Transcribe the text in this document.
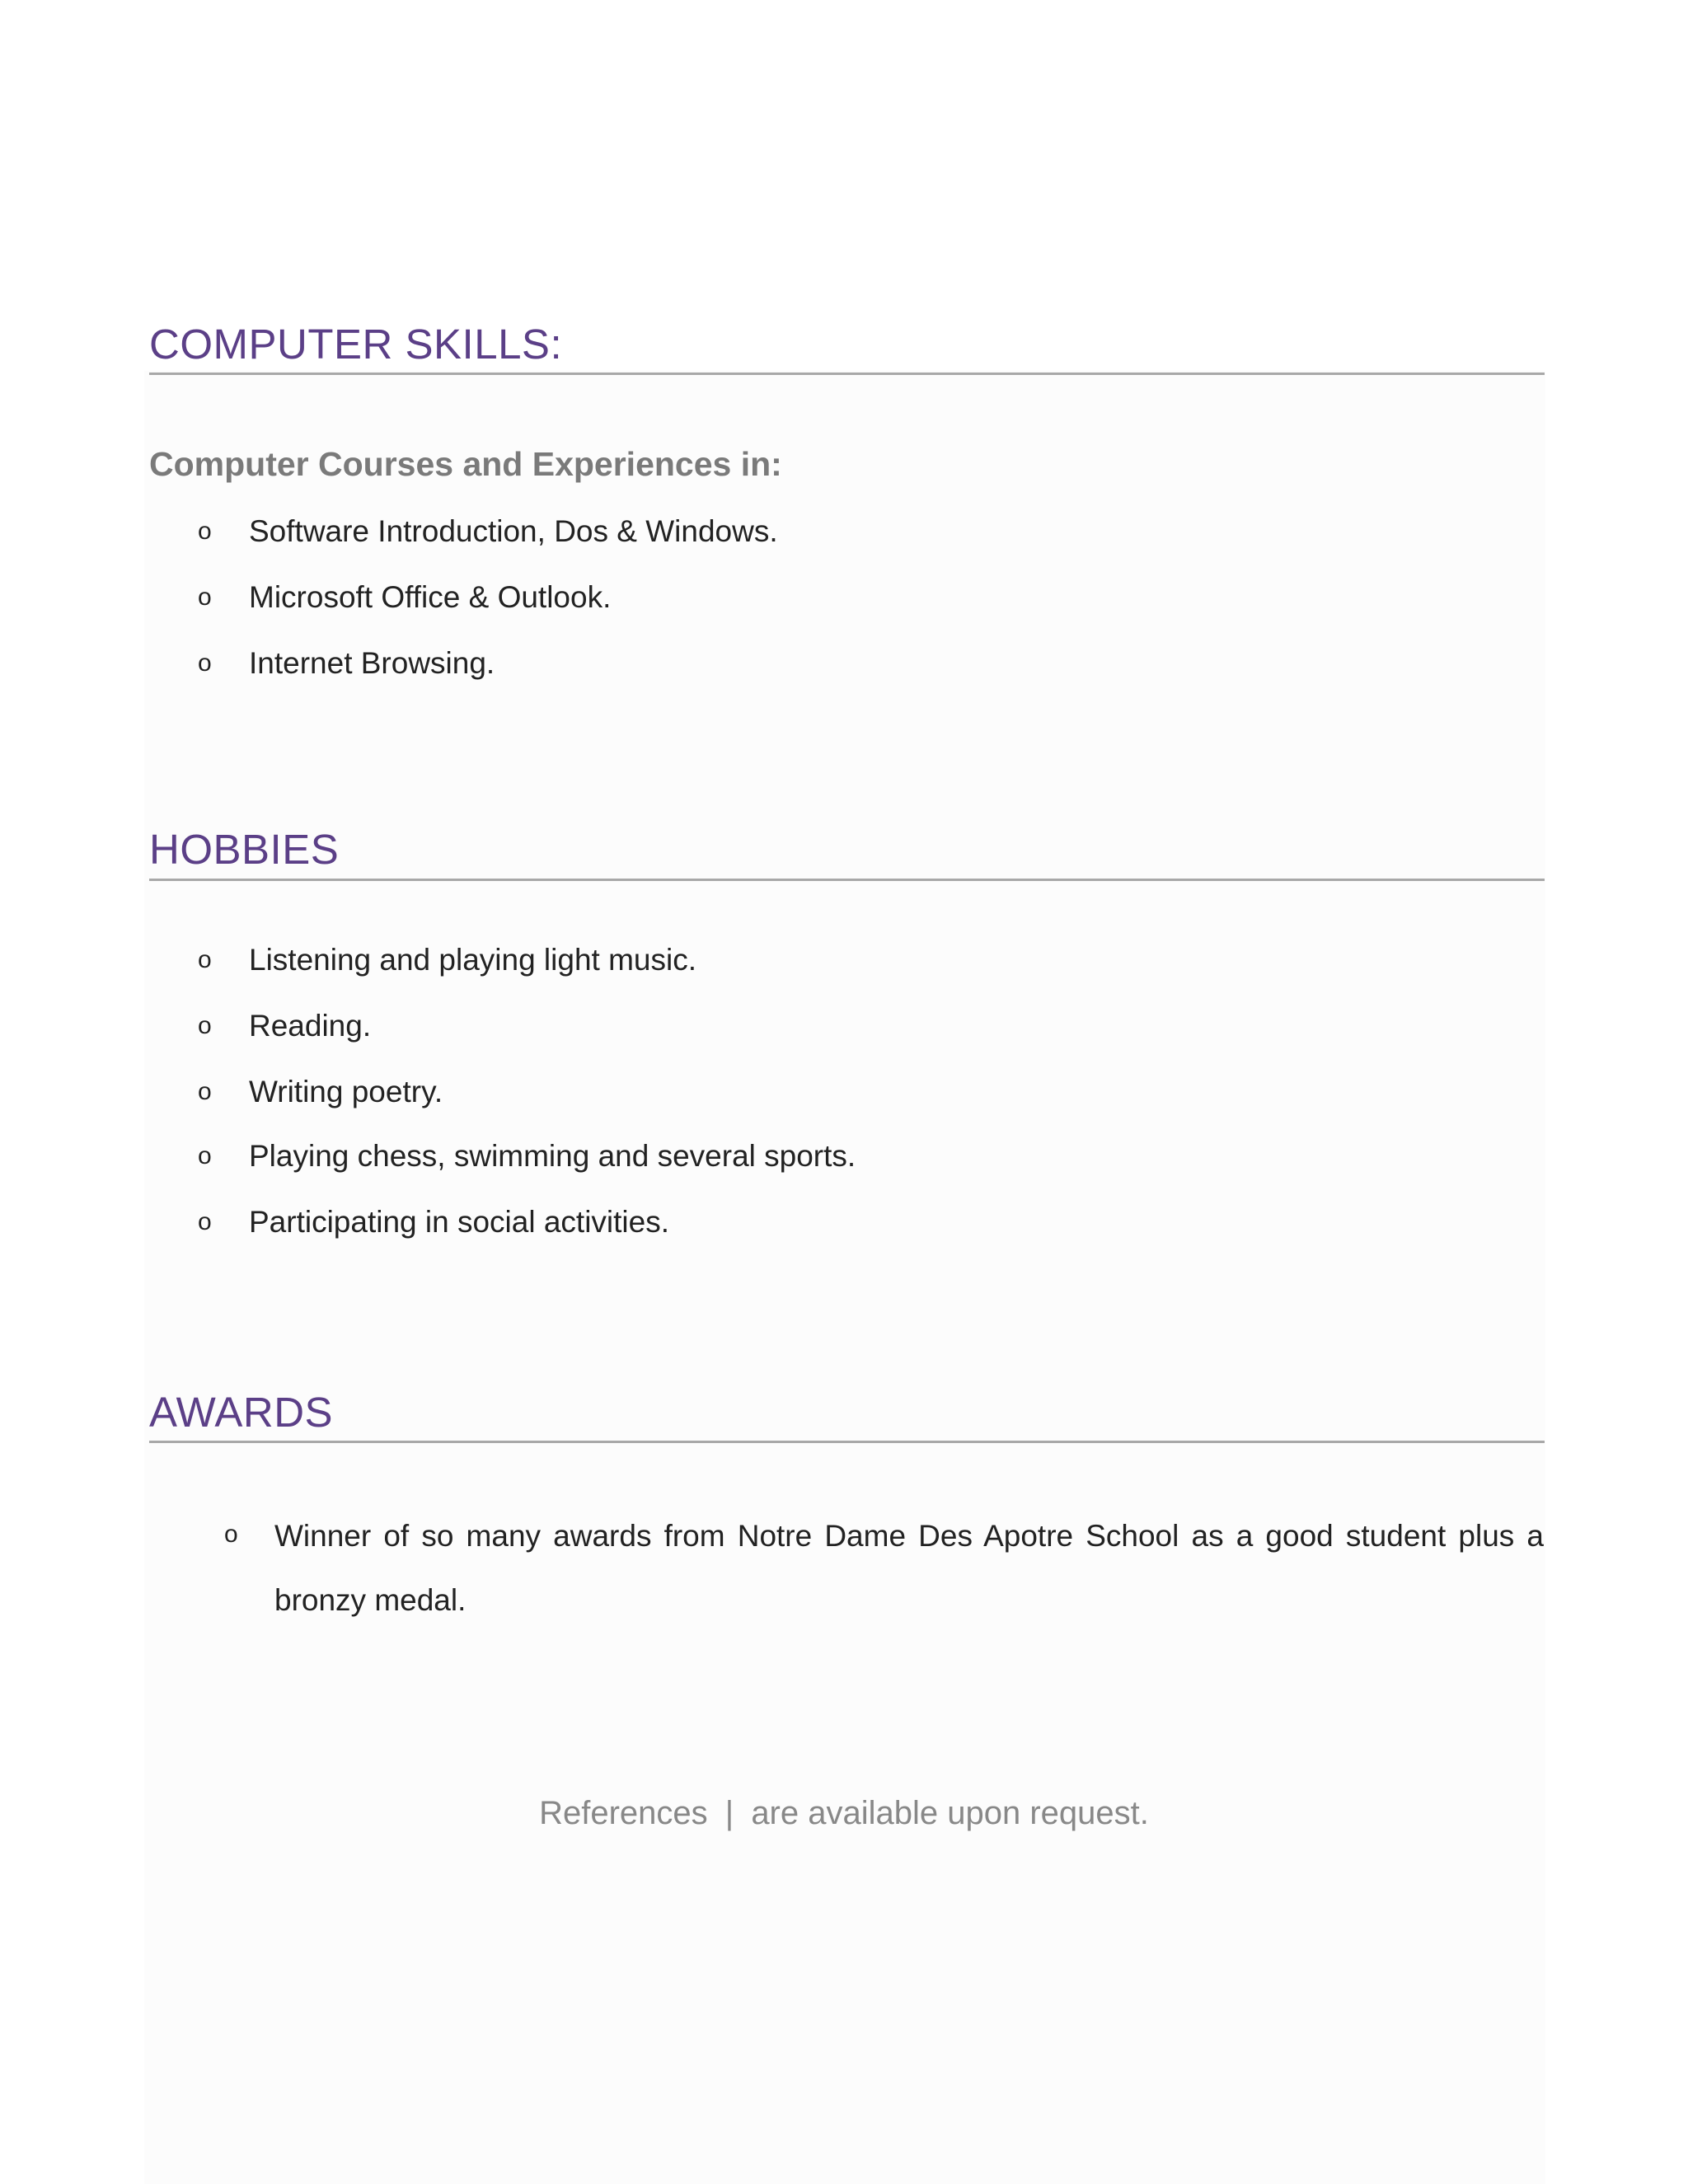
COMPUTER SKILLS:
Computer Courses and Experiences in:
o Software Introduction, Dos & Windows.
o Microsoft Office & Outlook.
o Internet Browsing.
HOBBIES
o Listening and playing light music.
o Reading.
o Writing poetry.
o Playing chess, swimming and several sports.
o Participating in social activities.
AWARDS
o Winner of so many awards from Notre Dame Des Apotre School as a good student plus a bronzy medal.
References | are available upon request.
